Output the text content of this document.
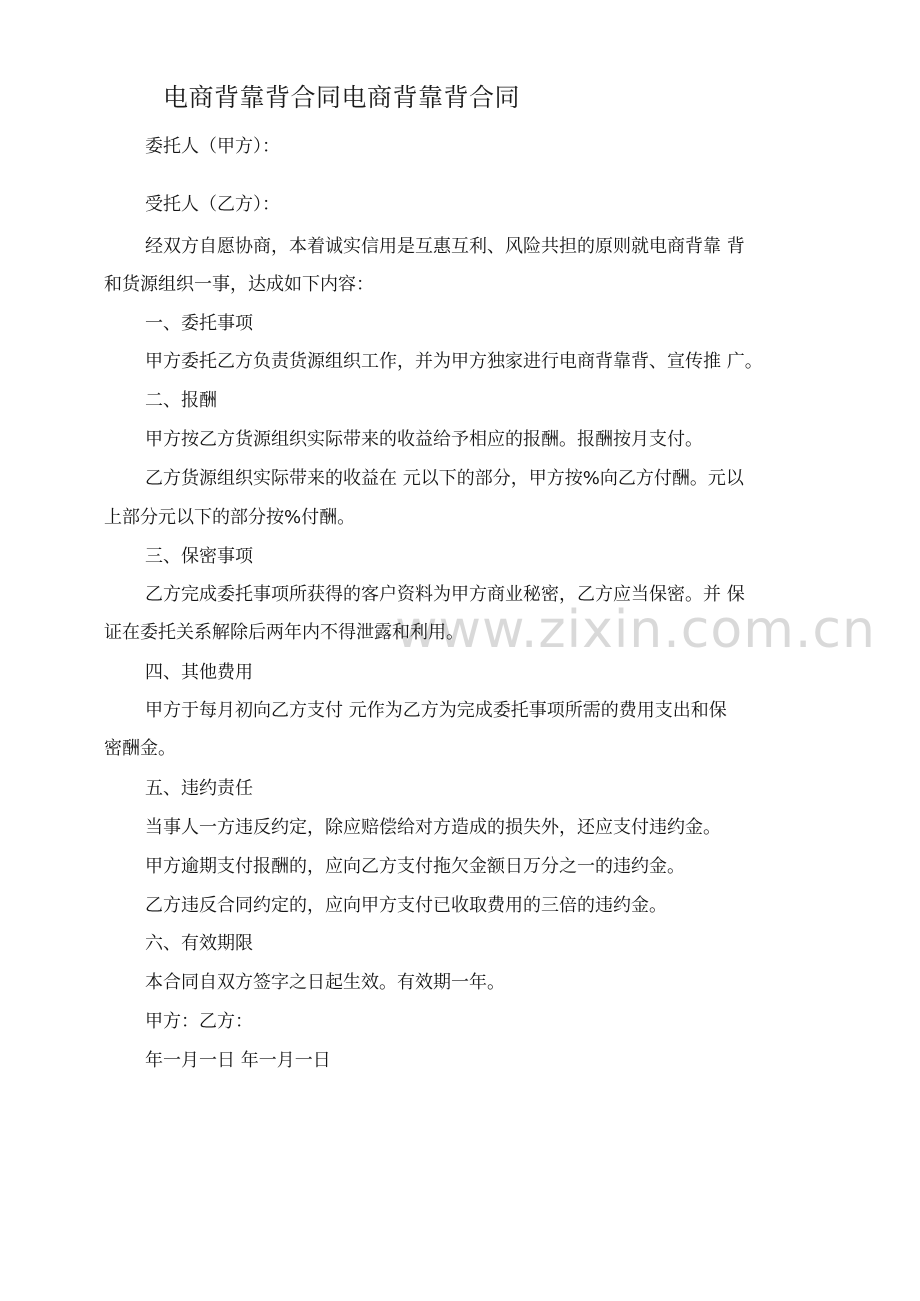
www.zixin.com.cn
电商背靠背合同电商背靠背合同
委托人（甲方）：
受托人（乙方）：
经双方自愿协商，本着诚实信用是互惠互利、风险共担的原则就电商背靠 背
和货源组织一事，达成如下内容：
一、委托事项
甲方委托乙方负责货源组织工作，并为甲方独家进行电商背靠背、宣传推 广。
二、报酬
甲方按乙方货源组织实际带来的收益给予相应的报酬。报酬按月支付。
乙方货源组织实际带来的收益在 元以下的部分，甲方按%向乙方付酬。元以
上部分元以下的部分按%付酬。
三、保密事项
乙方完成委托事项所获得的客户资料为甲方商业秘密，乙方应当保密。并 保
证在委托关系解除后两年内不得泄露和利用。
四、其他费用
甲方于每月初向乙方支付 元作为乙方为完成委托事项所需的费用支出和保
密酬金。
五、违约责任
当事人一方违反约定，除应赔偿给对方造成的损失外，还应支付违约金。
甲方逾期支付报酬的，应向乙方支付拖欠金额日万分之一的违约金。
乙方违反合同约定的，应向甲方支付已收取费用的三倍的违约金。
六、有效期限
本合同自双方签字之日起生效。有效期一年。
甲方：乙方：
年一月一日 年一月一日
